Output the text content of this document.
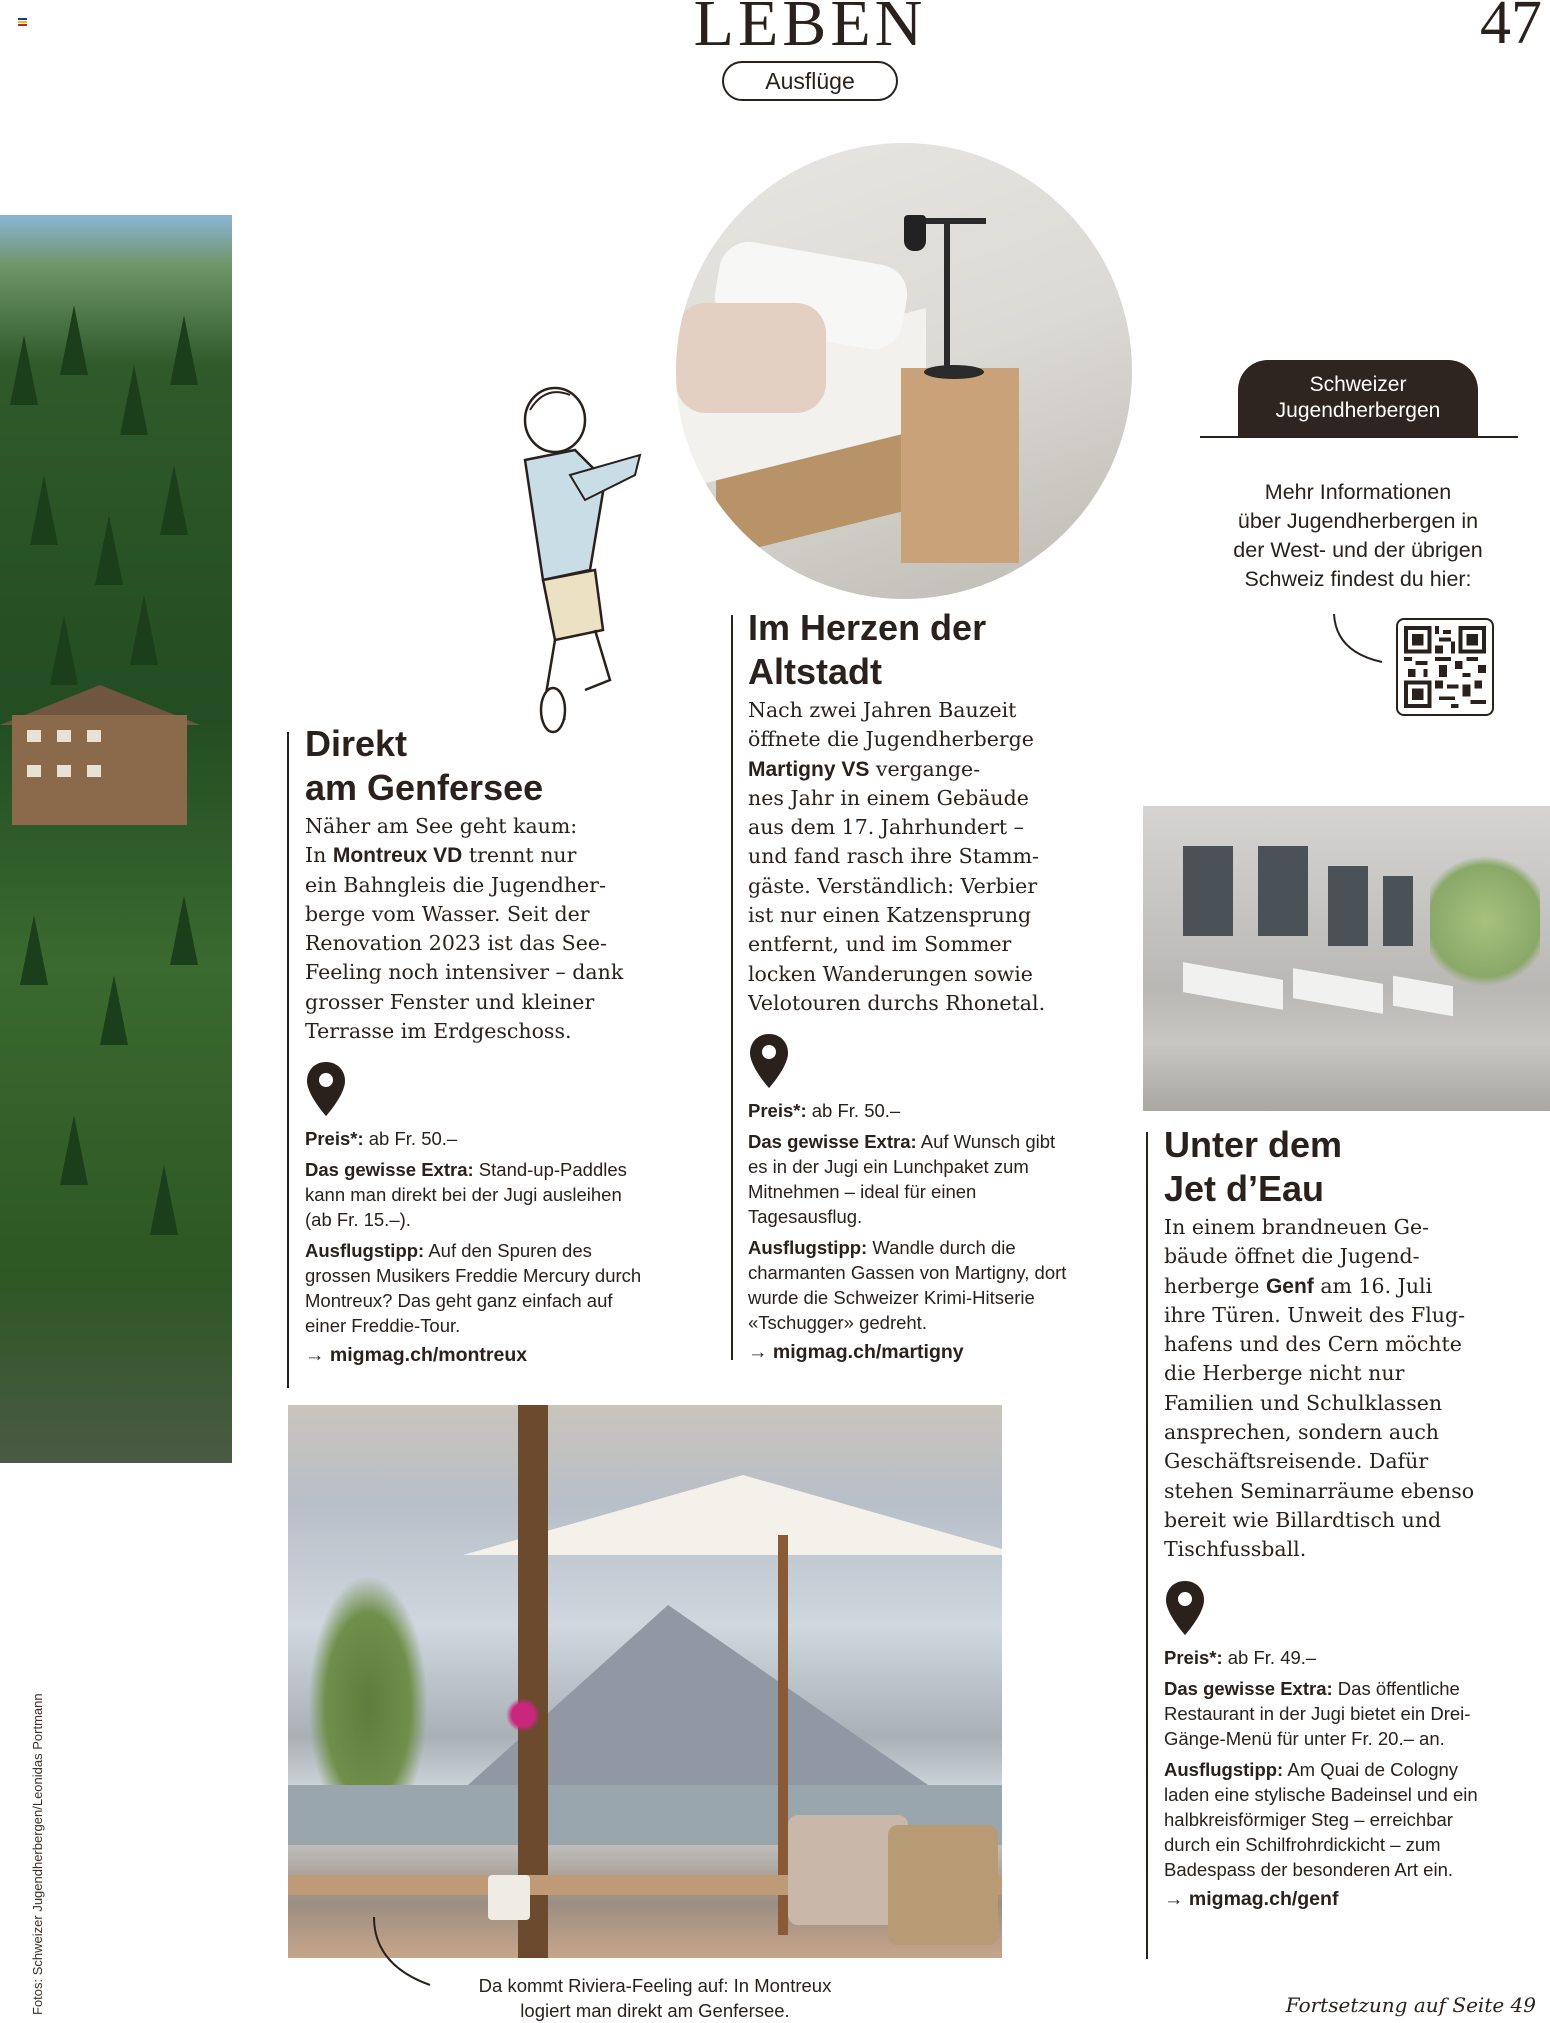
LEBEN
Ausflüge
47
Direkt
am Genfersee
Näher am See geht kaum:
In Montreux VD trennt nur
ein Bahngleis die Jugendher-
berge vom Wasser. Seit der
Renovation 2023 ist das See-
Feeling noch intensiver – dank
grosser Fenster und kleiner
Terrasse im Erdgeschoss.
Preis*: ab Fr. 50.–
Das gewisse Extra: Stand-up-Paddles kann man direkt bei der Jugi ausleihen (ab Fr. 15.–).
Ausflugstipp: Auf den Spuren des grossen Musikers Freddie Mercury durch Montreux? Das geht ganz einfach auf einer Freddie-Tour.
→ migmag.ch/montreux
Im Herzen der
Altstadt
Nach zwei Jahren Bauzeit
öffnete die Jugendherberge
Martigny VS vergange-
nes Jahr in einem Gebäude
aus dem 17. Jahrhundert –
und fand rasch ihre Stamm-
gäste. Verständlich: Verbier
ist nur einen Katzensprung
entfernt, und im Sommer
locken Wanderungen sowie
Velotouren durchs Rhonetal.
Preis*: ab Fr. 50.–
Das gewisse Extra: Auf Wunsch gibt es in der Jugi ein Lunchpaket zum Mitnehmen – ideal für einen Tagesausflug.
Ausflugstipp: Wandle durch die charmanten Gassen von Martigny, dort wurde die Schweizer Krimi-Hitserie «Tschugger» gedreht.
→ migmag.ch/martigny
Unter dem
Jet d’Eau
In einem brandneuen Ge-
bäude öffnet die Jugend-
herberge Genf am 16. Juli
ihre Türen. Unweit des Flug-
hafens und des Cern möchte
die Herberge nicht nur
Familien und Schulklassen
ansprechen, sondern auch
Geschäftsreisende. Dafür
stehen Seminarräume ebenso
bereit wie Billardtisch und
Tischfussball.
Preis*: ab Fr. 49.–
Das gewisse Extra: Das öffentliche Restaurant in der Jugi bietet ein Drei-Gänge-Menü für unter Fr. 20.– an.
Ausflugstipp: Am Quai de Cologny laden eine stylische Badeinsel und ein halbkreisförmiger Steg – erreichbar durch ein Schilfrohrdickicht – zum Badespass der besonderen Art ein.
→ migmag.ch/genf
Schweizer
Jugendherbergen
Mehr Informationen
über Jugendherbergen in
der West- und der übrigen
Schweiz findest du hier:
Da kommt Riviera-Feeling auf: In Montreux
logiert man direkt am Genfersee.
Fotos: Schweizer Jugendherbergen/Leonidas Portmann	Fortsetzung auf Seite 49
